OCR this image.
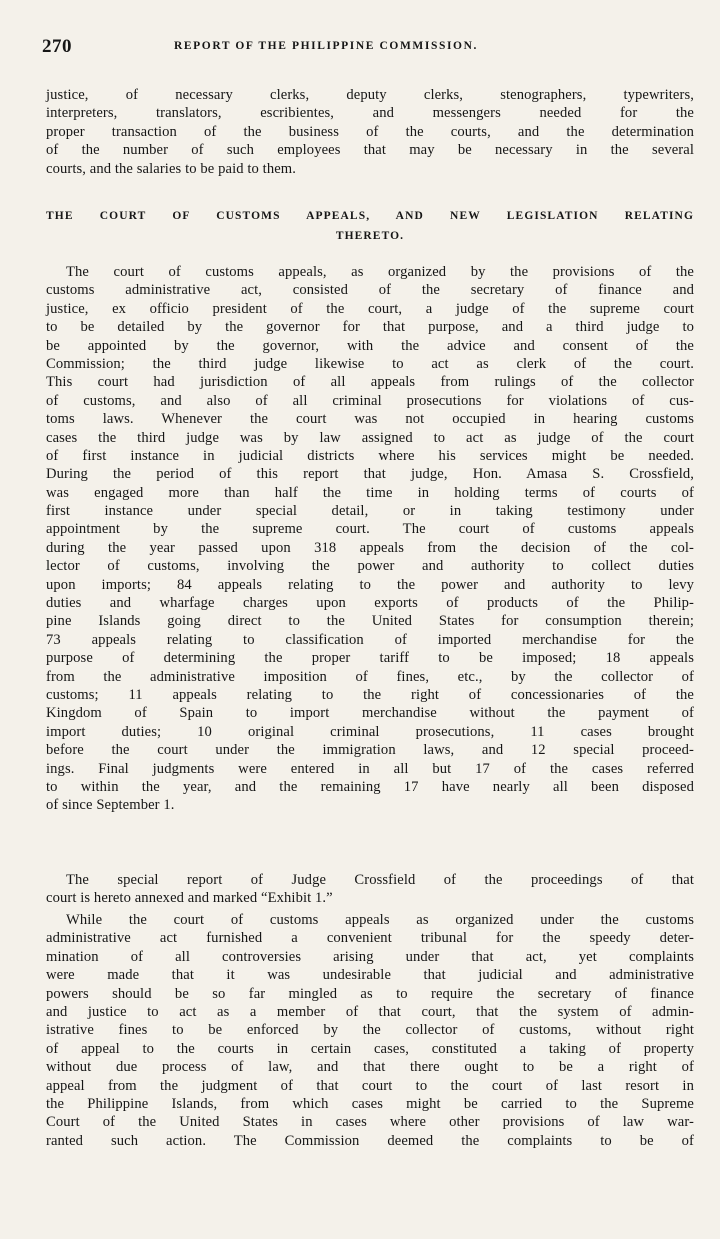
270	REPORT OF THE PHILIPPINE COMMISSION.
justice, of necessary clerks, deputy clerks, stenographers, typewriters,
interpreters, translators, escribientes, and messengers needed for the
proper transaction of the business of the courts, and the determination
of the number of such employees that may be necessary in the several
courts, and the salaries to be paid to them.
THE COURT OF CUSTOMS APPEALS, AND NEW LEGISLATION RELATING
THERETO.
The court of customs appeals, as organized by the provisions of the
customs administrative act, consisted of the secretary of finance and
justice, ex officio president of the court, a judge of the supreme court
to be detailed by the governor for that purpose, and a third judge to
be appointed by the governor, with the advice and consent of the
Commission; the third judge likewise to act as clerk of the court.
This court had jurisdiction of all appeals from rulings of the collector
of customs, and also of all criminal prosecutions for violations of cus-
toms laws. Whenever the court was not occupied in hearing customs
cases the third judge was by law assigned to act as judge of the court
of first instance in judicial districts where his services might be needed.
During the period of this report that judge, Hon. Amasa S. Crossfield,
was engaged more than half the time in holding terms of courts of
first instance under special detail, or in taking testimony under
appointment by the supreme court. The court of customs appeals
during the year passed upon 318 appeals from the decision of the col-
lector of customs, involving the power and authority to collect duties
upon imports; 84 appeals relating to the power and authority to levy
duties and wharfage charges upon exports of products of the Philip-
pine Islands going direct to the United States for consumption therein;
73 appeals relating to classification of imported merchandise for the
purpose of determining the proper tariff to be imposed; 18 appeals
from the administrative imposition of fines, etc., by the collector of
customs; 11 appeals relating to the right of concessionaries of the
Kingdom of Spain to import merchandise without the payment of
import duties; 10 original criminal prosecutions, 11 cases brought
before the court under the immigration laws, and 12 special proceed-
ings. Final judgments were entered in all but 17 of the cases referred
to within the year, and the remaining 17 have nearly all been disposed
of since September 1.
The special report of Judge Crossfield of the proceedings of that
court is hereto annexed and marked “Exhibit 1.”
While the court of customs appeals as organized under the customs
administrative act furnished a convenient tribunal for the speedy deter-
mination of all controversies arising under that act, yet complaints
were made that it was undesirable that judicial and administrative
powers should be so far mingled as to require the secretary of finance
and justice to act as a member of that court, that the system of admin-
istrative fines to be enforced by the collector of customs, without right
of appeal to the courts in certain cases, constituted a taking of property
without due process of law, and that there ought to be a right of
appeal from the judgment of that court to the court of last resort in
the Philippine Islands, from which cases might be carried to the Supreme
Court of the United States in cases where other provisions of law war-
ranted such action. The Commission deemed the complaints to be of
